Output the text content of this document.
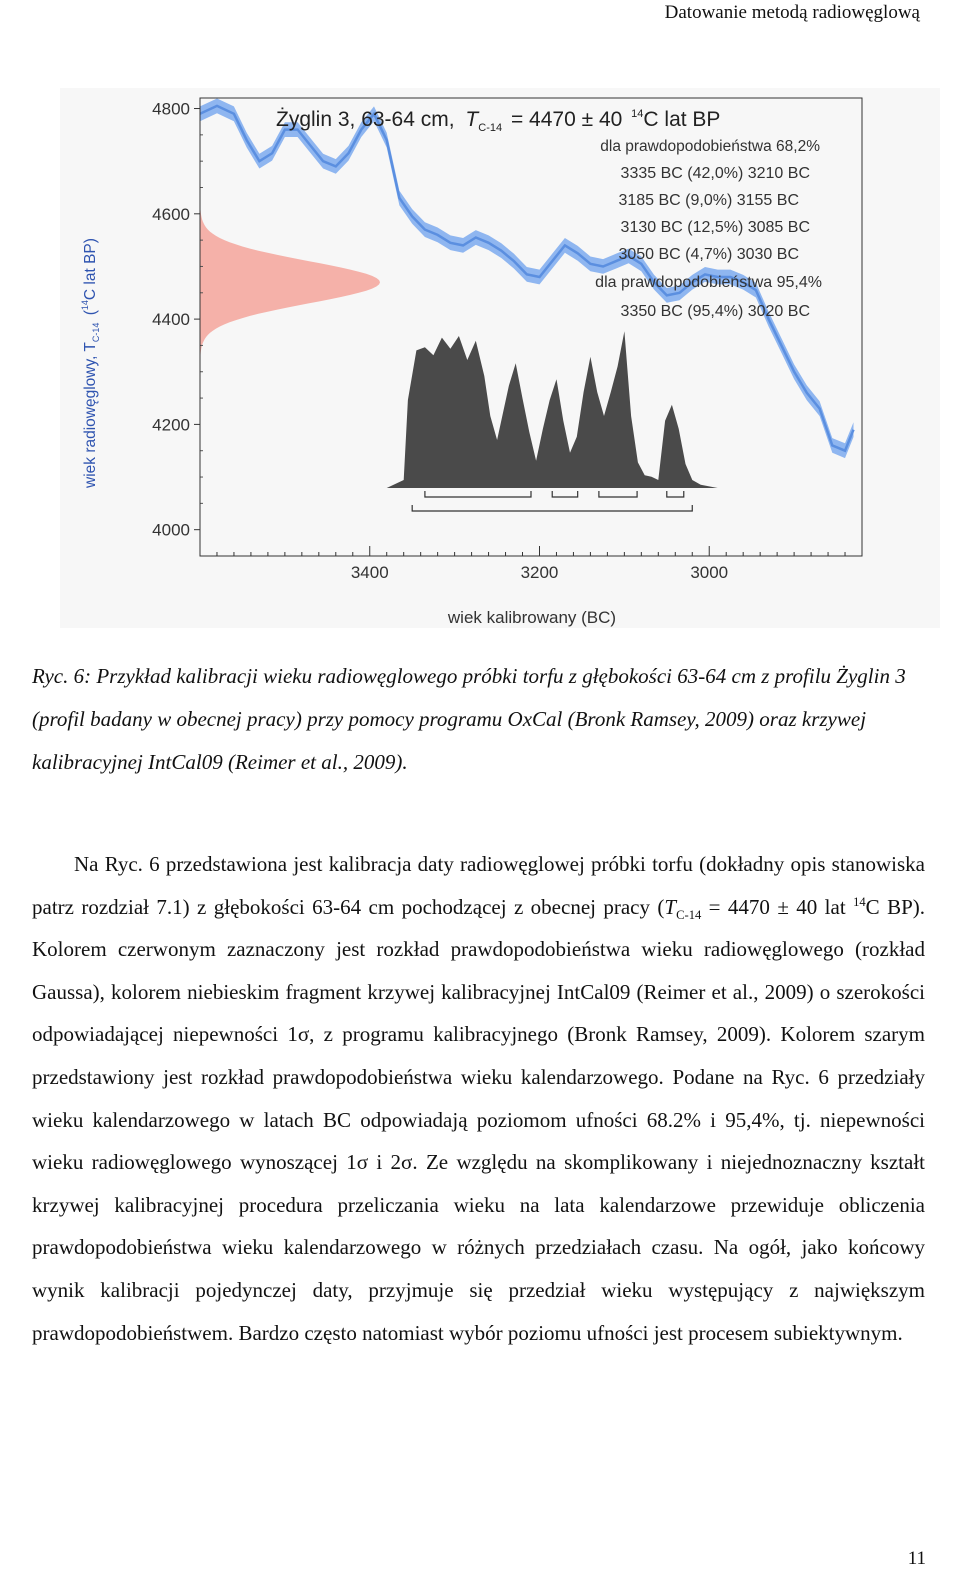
Datowanie metodą radiowęglową
4000
4200
4400
4600
4800
3400	3200	3000
Żyglin 3, 63-64 cm, $T_{C-14} = 4470 \pm 40$ $^{14}$C lat BP
dla prawdopodobieństwa 68,2%
3335 BC (42,0%) 3210 BC
3185 BC (9,0%) 3155 BC
3130 BC (12,5%) 3085 BC
3050 BC (4,7%) 3030 BC
dla prawdopodobieństwa 95,4%
3350 BC (95,4%) 3020 BC
wiek radiowęglowy, $T_{C-14}$ ($^{14}$C lat BP)
wiek kalibrowany (BC)

Ryc. 6: Przykład kalibracji wieku radiowęglowego próbki torfu z głębokości 63-64 cm z profilu Żyglin 3 (profil badany w obecnej pracy) przy pomocy programu OxCal (Bronk Ramsey, 2009) oraz krzywej kalibracyjnej IntCal09 (Reimer et al., 2009).

Na Ryc. 6 przedstawiona jest kalibracja daty radiowęglowej próbki torfu (dokładny opis stanowiska patrz rozdział 7.1) z głębokości 63-64 cm pochodzącej z obecnej pracy ($T_{C-14} = 4470 \pm 40$ lat $^{14}$C BP). Kolorem czerwonym zaznaczony jest rozkład prawdopodobieństwa wieku radiowęglowego (rozkład Gaussa), kolorem niebieskim fragment krzywej kalibracyjnej IntCal09 (Reimer et al., 2009) o szerokości odpowiadającej niepewności 1σ, z programu kalibracyjnego (Bronk Ramsey, 2009). Kolorem szarym przedstawiony jest rozkład prawdopodobieństwa wieku kalendarzowego. Podane na Ryc. 6 przedziały wieku kalendarzowego w latach BC odpowiadają poziomom ufności 68.2% i 95,4%, tj. niepewności wieku radiowęglowego wynoszącej 1σ i 2σ. Ze względu na skomplikowany i niejednoznaczny kształt krzywej kalibracyjnej procedura przeliczania wieku na lata kalendarzowe przewiduje obliczenia prawdopodobieństwa wieku kalendarzowego w różnych przedziałach czasu. Na ogół, jako końcowy wynik kalibracji pojedynczej daty, przyjmuje się przedział wieku występujący z największym prawdopodobieństwem. Bardzo często natomiast wybór poziomu ufności jest procesem subiektywnym.

11
